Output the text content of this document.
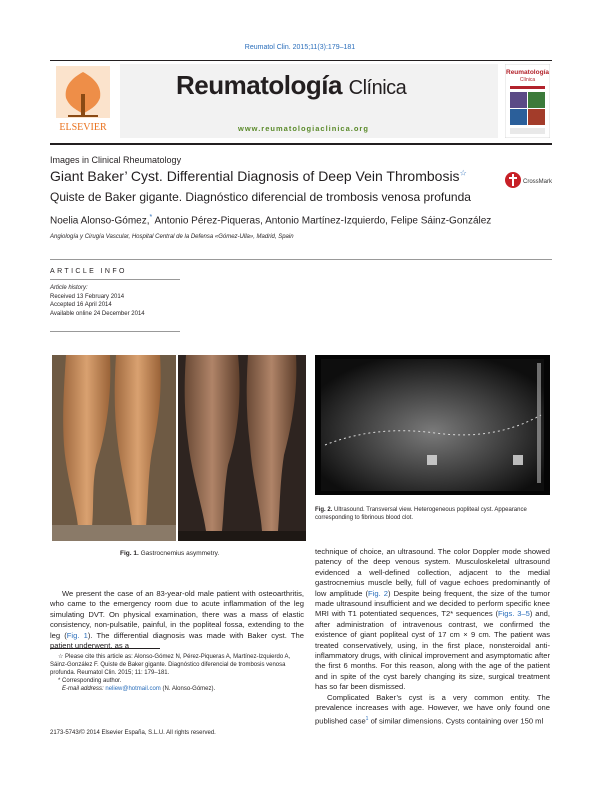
Reumatol Clin. 2015;11(3):179–181
ELSEVIER
Reumatología Clínica
www.reumatologiaclinica.org
Reumatología
Clínica
Images in Clinical Rheumatology
Giant Baker’ Cyst. Differential Diagnosis of Deep Vein Thrombosis☆
Quiste de Baker gigante. Diagnóstico diferencial de trombosis venosa profunda
Noelia Alonso-Gómez,* Antonio Pérez-Piqueras, Antonio Martínez-Izquierdo, Felipe Sáinz-González
Angiología y Cirugía Vascular, Hospital Central de la Defensa «Gómez-Ulla», Madrid, Spain
CrossMark
ARTICLE INFO
Article history:
Received 13 February 2014
Accepted 16 April 2014
Available online 24 December 2014
Fig. 1. Gastrocnemius asymmetry.
Fig. 2. Ultrasound. Transversal view. Heterogeneous popliteal cyst. Appearance corresponding to fibrinous blood clot.

We present the case of an 83-year-old male patient with osteoarthritis, who came to the emergency room due to acute inflammation of the leg simulating DVT. On physical examination, there was a mass of elastic consistency, non-pulsatile, painful, in the popliteal fossa, extending to the leg (Fig. 1). The differential diagnosis was made with Baker cyst. The patient underwent, as a

technique of choice, an ultrasound. The color Doppler mode showed patency of the deep venous system. Musculoskeletal ultrasound evidenced a well-defined collection, adjacent to the medial gastrocnemius muscle belly, full of vague echoes predominantly of low amplitude (Fig. 2) Despite being frequent, the size of the tumor made ultrasound insufficient and we decided to perform specific knee MRI with T1 potentiated sequences, T2* sequences (Figs. 3–5) and, after administration of intravenous contrast, we confirmed the existence of giant popliteal cyst of 17 cm × 9 cm. The patient was treated conservatively, using, in the first place, nonsteroidal anti-inflammatory drugs, with clinical improvement and asymptomatic after the first 6 months. For this reason, along with the age of the patient and in spite of the cyst barely changing its size, surgical treatment has so far been dismissed.

Complicated Baker’s cyst is a very common entity. The prevalence increases with age. However, we have only found one published case$^1$ of similar dimensions. Cysts containing over 150 ml

☆ Please cite this article as: Alonso-Gómez N, Pérez-Piqueras A, Martínez-Izquierdo A, Sáinz-González F. Quiste de Baker gigante. Diagnóstico diferencial de trombosis venosa profunda. Reumatol Clin. 2015; 11: 179–181.
* Corresponding author.
E-mail address: neliew@hotmail.com (N. Alonso-Gómez).
2173-5743/© 2014 Elsevier España, S.L.U. All rights reserved.
